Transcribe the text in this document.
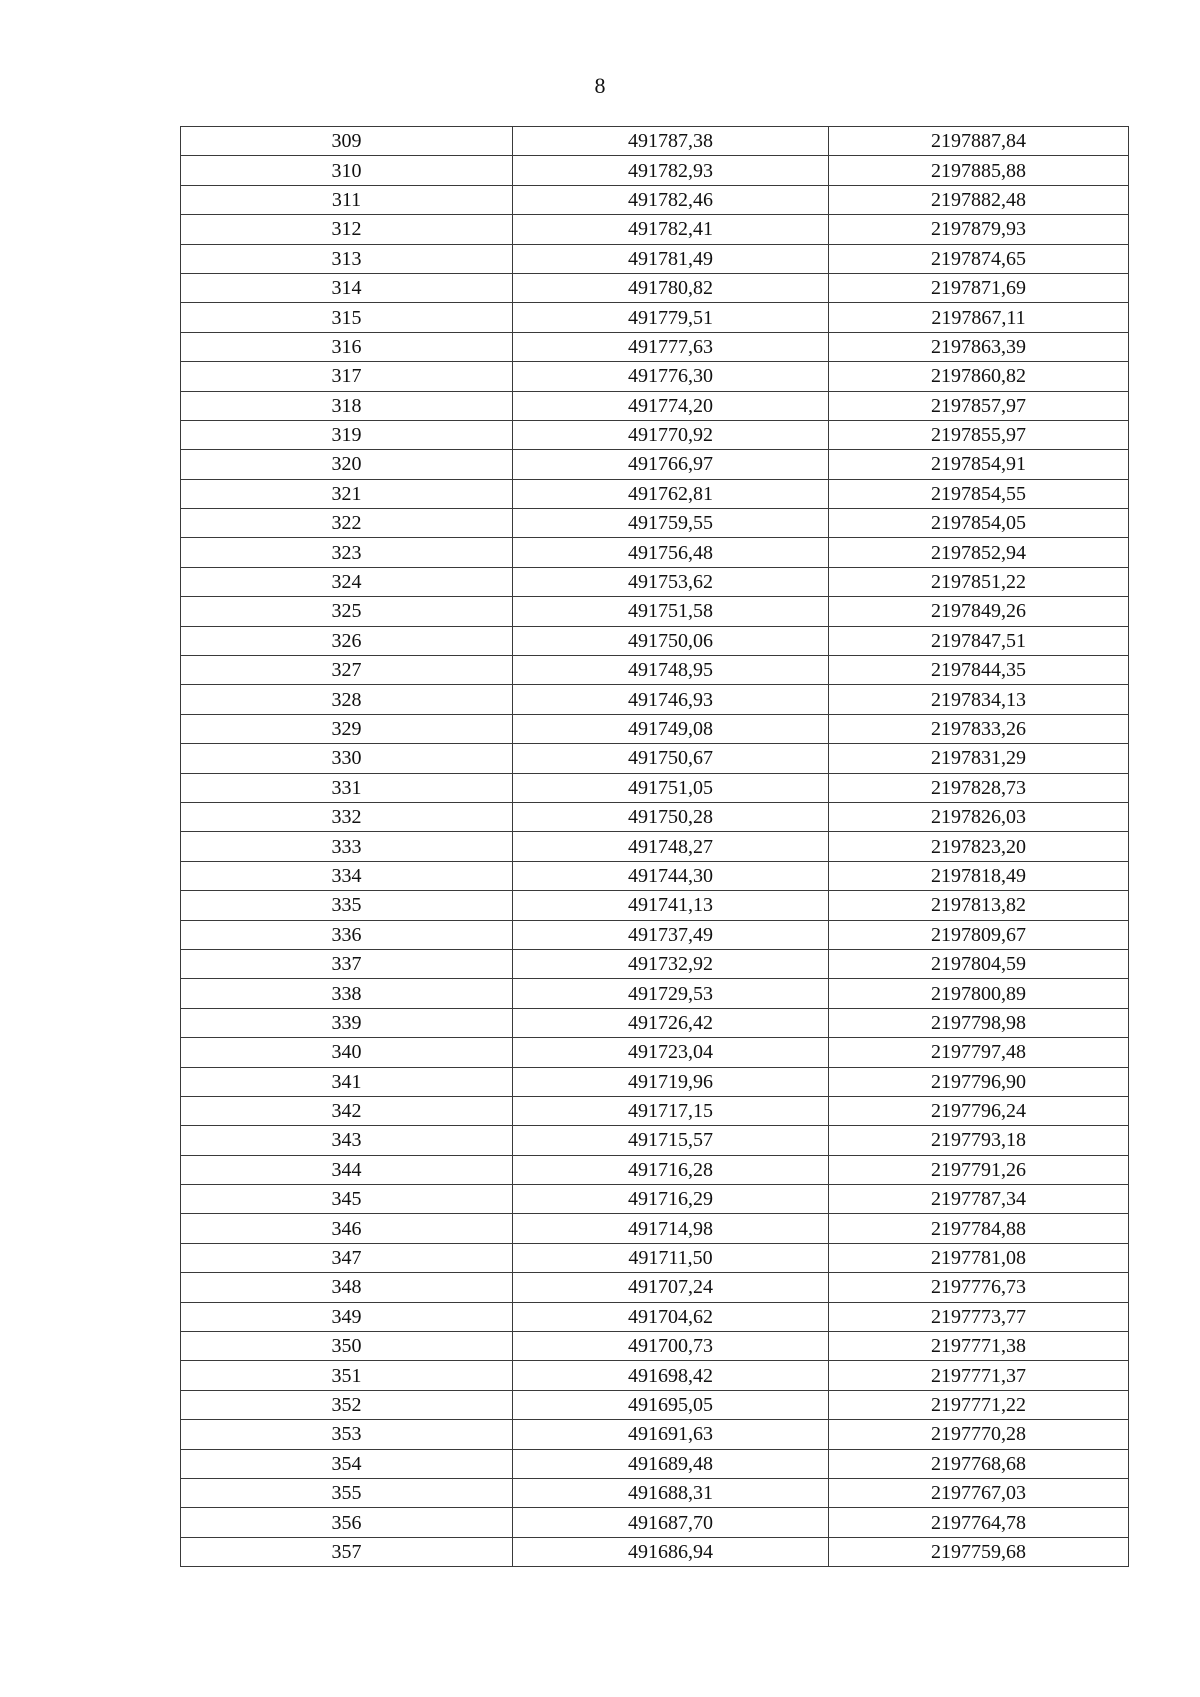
8
309	491787,38	2197887,84
310	491782,93	2197885,88
311	491782,46	2197882,48
312	491782,41	2197879,93
313	491781,49	2197874,65
314	491780,82	2197871,69
315	491779,51	2197867,11
316	491777,63	2197863,39
317	491776,30	2197860,82
318	491774,20	2197857,97
319	491770,92	2197855,97
320	491766,97	2197854,91
321	491762,81	2197854,55
322	491759,55	2197854,05
323	491756,48	2197852,94
324	491753,62	2197851,22
325	491751,58	2197849,26
326	491750,06	2197847,51
327	491748,95	2197844,35
328	491746,93	2197834,13
329	491749,08	2197833,26
330	491750,67	2197831,29
331	491751,05	2197828,73
332	491750,28	2197826,03
333	491748,27	2197823,20
334	491744,30	2197818,49
335	491741,13	2197813,82
336	491737,49	2197809,67
337	491732,92	2197804,59
338	491729,53	2197800,89
339	491726,42	2197798,98
340	491723,04	2197797,48
341	491719,96	2197796,90
342	491717,15	2197796,24
343	491715,57	2197793,18
344	491716,28	2197791,26
345	491716,29	2197787,34
346	491714,98	2197784,88
347	491711,50	2197781,08
348	491707,24	2197776,73
349	491704,62	2197773,77
350	491700,73	2197771,38
351	491698,42	2197771,37
352	491695,05	2197771,22
353	491691,63	2197770,28
354	491689,48	2197768,68
355	491688,31	2197767,03
356	491687,70	2197764,78
357	491686,94	2197759,68
